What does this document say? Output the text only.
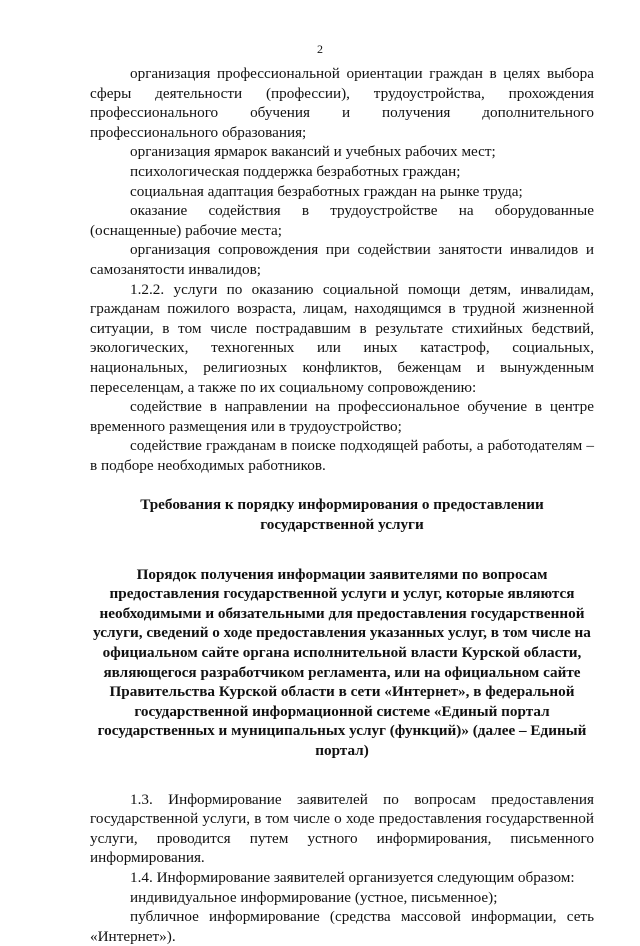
2

организация профессиональной ориентации граждан в целях выбора сферы деятельности (профессии), трудоустройства, прохождения профессионального обучения и получения дополнительного профессионального образования;

организация ярмарок вакансий и учебных рабочих мест;

психологическая поддержка безработных граждан;

социальная адаптация безработных граждан на рынке труда;

оказание содействия в трудоустройстве на оборудованные (оснащенные) рабочие места;

организация сопровождения при содействии занятости инвалидов и самозанятости инвалидов;

1.2.2. услуги по оказанию социальной помощи детям, инвалидам, гражданам пожилого возраста, лицам, находящимся в трудной жизненной ситуации, в том числе пострадавшим в результате стихийных бедствий, экологических, техногенных или иных катастроф, социальных, национальных, религиозных конфликтов, беженцам и вынужденным переселенцам, а также по их социальному сопровождению:

содействие в направлении на профессиональное обучение в центре временного размещения или в трудоустройство;

содействие гражданам в поиске подходящей работы, а работодателям – в подборе необходимых работников.

Требования к порядку информирования о предоставлении государственной услуги

Порядок получения информации заявителями по вопросам предоставления государственной услуги и услуг, которые являются необходимыми и обязательными для предоставления государственной услуги, сведений о ходе предоставления указанных услуг, в том числе на официальном сайте органа исполнительной власти Курской области, являющегося разработчиком регламента, или на официальном сайте Правительства Курской области в сети «Интернет», в федеральной государственной информационной системе «Единый портал государственных и муниципальных услуг (функций)» (далее – Единый портал)

1.3. Информирование заявителей по вопросам предоставления государственной услуги, в том числе о ходе предоставления государственной услуги, проводится путем устного информирования, письменного информирования.

1.4. Информирование заявителей организуется следующим образом:

индивидуальное информирование (устное, письменное);

публичное информирование (средства массовой информации, сеть «Интернет»).
